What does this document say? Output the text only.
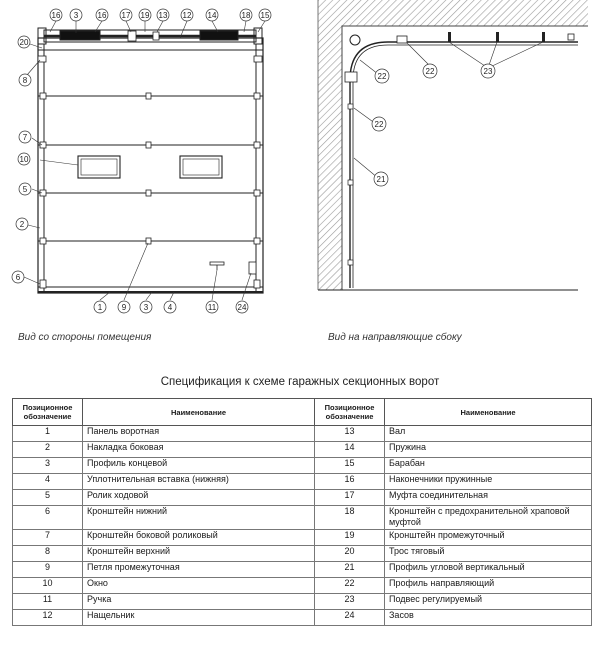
16 3 16 17 19 13 12 14	18 15
20
8
7
10
5
2
6
1 9 3 4	11	24
22
22	23
22
21
Вид со стороны помещения	Вид на направляющие сбоку
Спецификация к схеме гаражных секционных ворот
Позиционное обозначение	Наименование	Позиционное обозначение	Наименование
1	Панель воротная	13	Вал
2	Накладка боковая	14	Пружина
3	Профиль концевой	15	Барабан
4	Уплотнительная вставка (нижняя)	16	Наконечники пружинные
5	Ролик ходовой	17	Муфта соединительная
6	Кронштейн нижний	18	Кронштейн с предохранительной храповой муфтой
7	Кронштейн боковой роликовый	19	Кронштейн промежуточный
8	Кронштейн верхний	20	Трос тяговый
9	Петля промежуточная	21	Профиль угловой вертикальный
10	Окно	22	Профиль направляющий
11	Ручка	23	Подвес регулируемый
12	Нащельник	24	Засов
